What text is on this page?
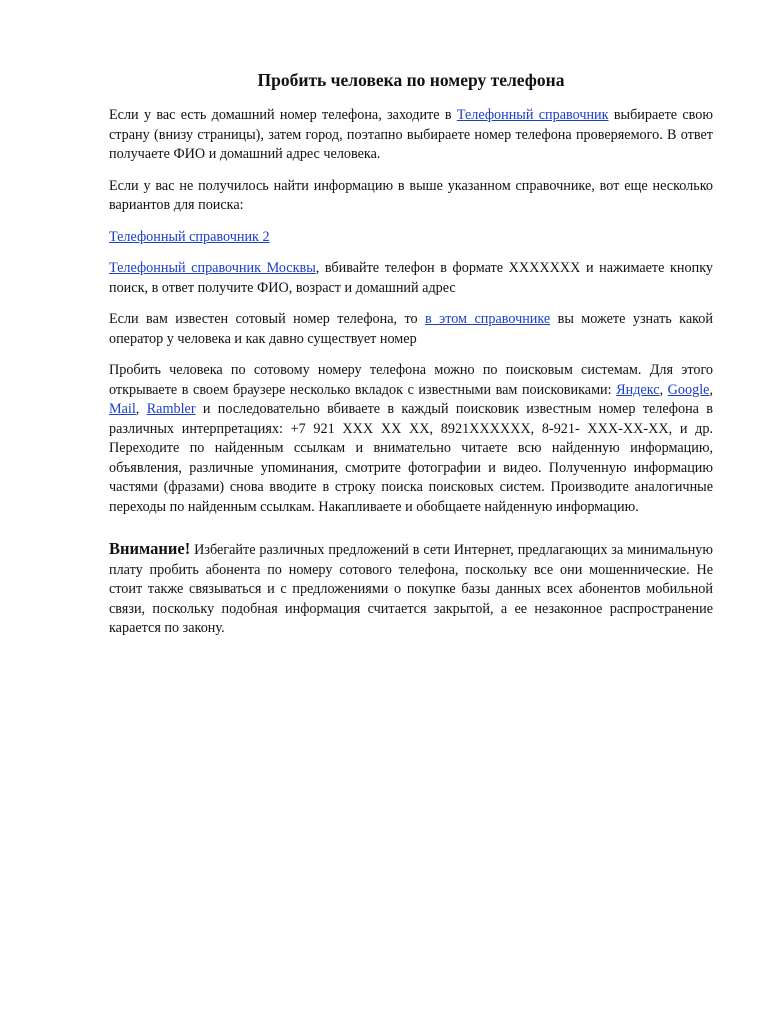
Пробить человека по номеру телефона

Если у вас есть домашний номер телефона, заходите в Телефонный справочник выбираете свою страну (внизу страницы), затем город, поэтапно выбираете номер телефона проверяемого. В ответ получаете ФИО и домашний адрес человека.

Если у вас не получилось найти информацию в выше указанном справочнике, вот еще несколько вариантов для поиска:

Телефонный справочник 2

Телефонный справочник Москвы, вбивайте телефон в формате XXXXXXX и нажимаете кнопку поиск, в ответ получите ФИО, возраст и домашний адрес

Если вам известен сотовый номер телефона, то в этом справочнике вы можете узнать какой оператор у человека и как давно существует номер

Пробить человека по сотовому номеру телефона можно по поисковым системам. Для этого открываете в своем браузере несколько вкладок с известными вам поисковиками: Яндекс, Google, Mail, Rambler и последовательно вбиваете в каждый поисковик известным номер телефона в различных интерпретациях: +7 921 XXX XX XX, 8921XXXXXX, 8-921- XXX-XX-XX, и др. Переходите по найденным ссылкам и внимательно читаете всю найденную информацию, объявления, различные упоминания, смотрите фотографии и видео. Полученную информацию частями (фразами) снова вводите в строку поиска поисковых систем. Производите аналогичные переходы по найденным ссылкам. Накапливаете и обобщаете найденную информацию.

Внимание! Избегайте различных предложений в сети Интернет, предлагающих за минимальную плату пробить абонента по номеру сотового телефона, поскольку все они мошеннические. Не стоит также связываться и с предложениями о покупке базы данных всех абонентов мобильной связи, поскольку подобная информация считается закрытой, а ее незаконное распространение карается по закону.
